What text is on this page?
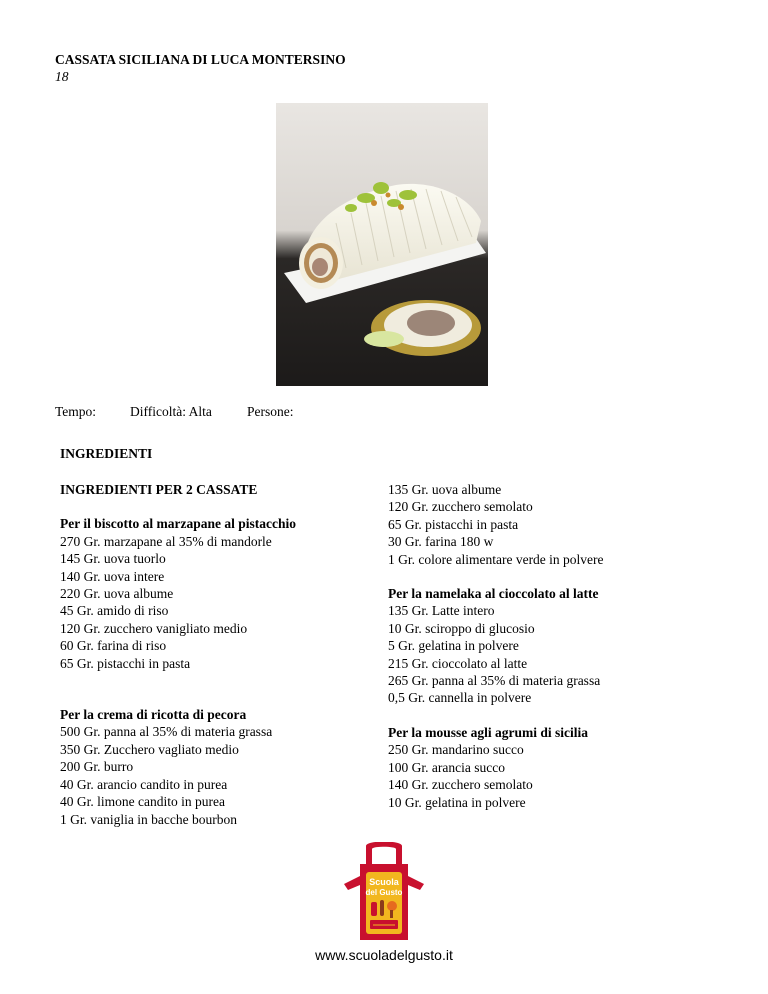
CASSATA SICILIANA DI LUCA MONTERSINO
18
Tempo:	Difficoltà: Alta	Persone:
INGREDIENTI
INGREDIENTI PER 2 CASSATE
Per il biscotto al marzapane al pistacchio
270 Gr. marzapane al 35% di mandorle
145 Gr. uova tuorlo
140 Gr. uova intere
220 Gr. uova albume
45 Gr. amido di riso
120 Gr. zucchero vanigliato medio
60 Gr. farina di riso
65 Gr. pistacchi in pasta
Per la crema di ricotta di pecora
500 Gr. panna al 35% di materia grassa
350 Gr. Zucchero vagliato medio
200 Gr. burro
40 Gr. arancio candito in purea
40 Gr. limone candito in purea
1 Gr. vaniglia in bacche bourbon
135 Gr. uova albume
120 Gr. zucchero semolato
65 Gr. pistacchi in pasta
30 Gr. farina 180 w
1 Gr. colore alimentare verde in polvere
Per la namelaka al cioccolato al latte
135 Gr. Latte intero
10 Gr. sciroppo di glucosio
5 Gr. gelatina in polvere
215 Gr. cioccolato al latte
265 Gr. panna al 35% di materia grassa
0,5 Gr. cannella in polvere
Per la mousse agli agrumi di sicilia
250 Gr. mandarino succo
100 Gr. arancia succo
140 Gr. zucchero semolato
10 Gr. gelatina in polvere
Scuola
del Gusto
www.scuoladelgusto.it
